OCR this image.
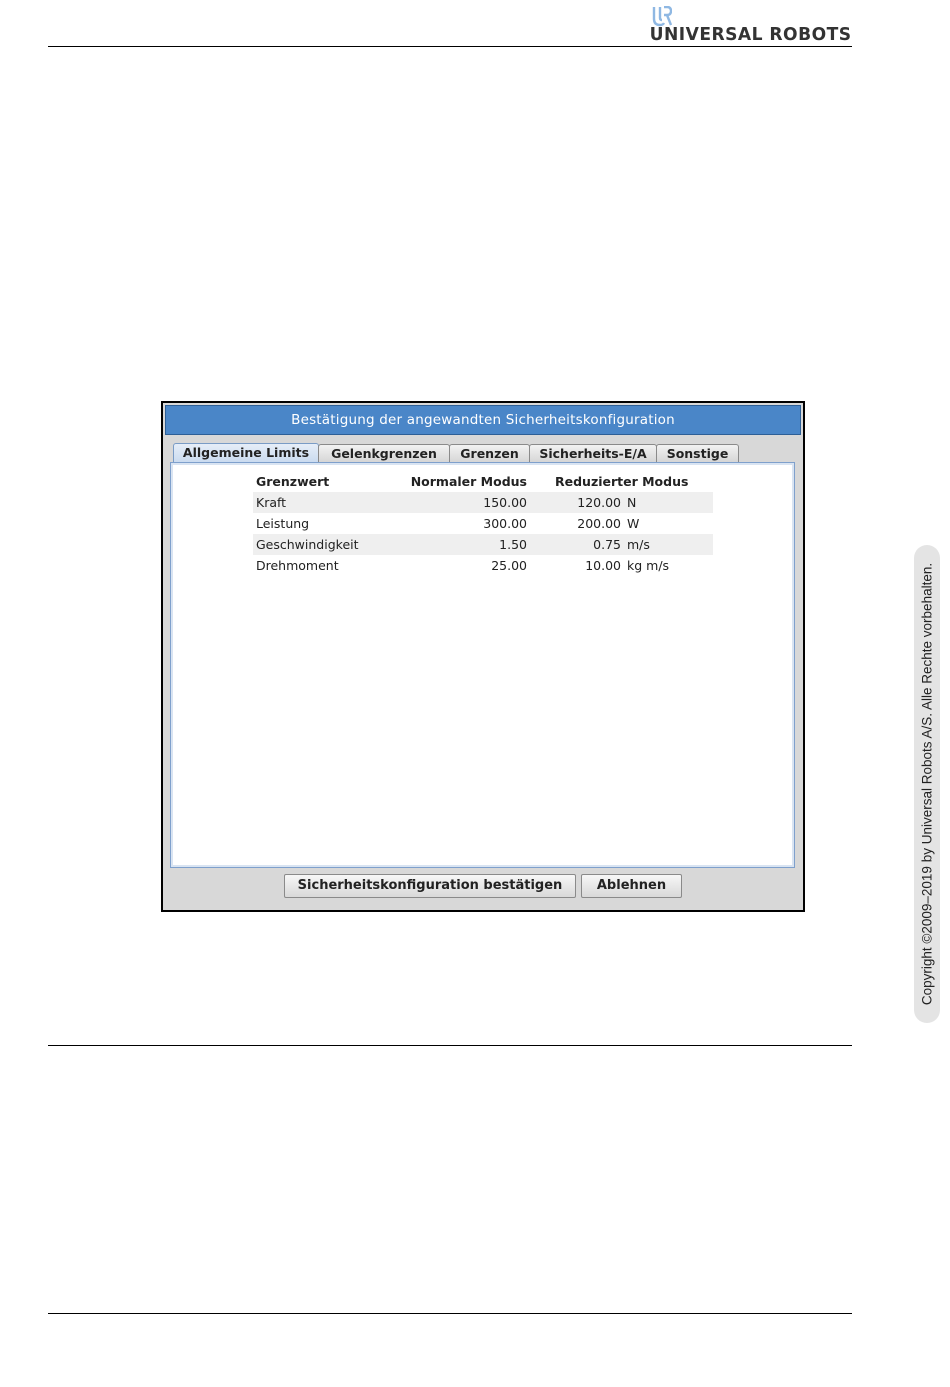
UNIVERSAL ROBOTS
Bestätigung der angewandten Sicherheitskonfiguration
Allgemeine Limits	Gelenkgrenzen	Grenzen	Sicherheits-E/A	Sonstige
Grenzwert	Normaler Modus	Reduzierter Modus	
Kraft	150.00	120.00	N
Leistung	300.00	200.00	W
Geschwindigkeit	1.50	0.75	m/s
Drehmoment	25.00	10.00	kg m/s
Sicherheitskonfiguration bestätigen	Ablehnen	Copyright ©2009–2019 by Universal Robots A/S. Alle Rechte vorbehalten.
